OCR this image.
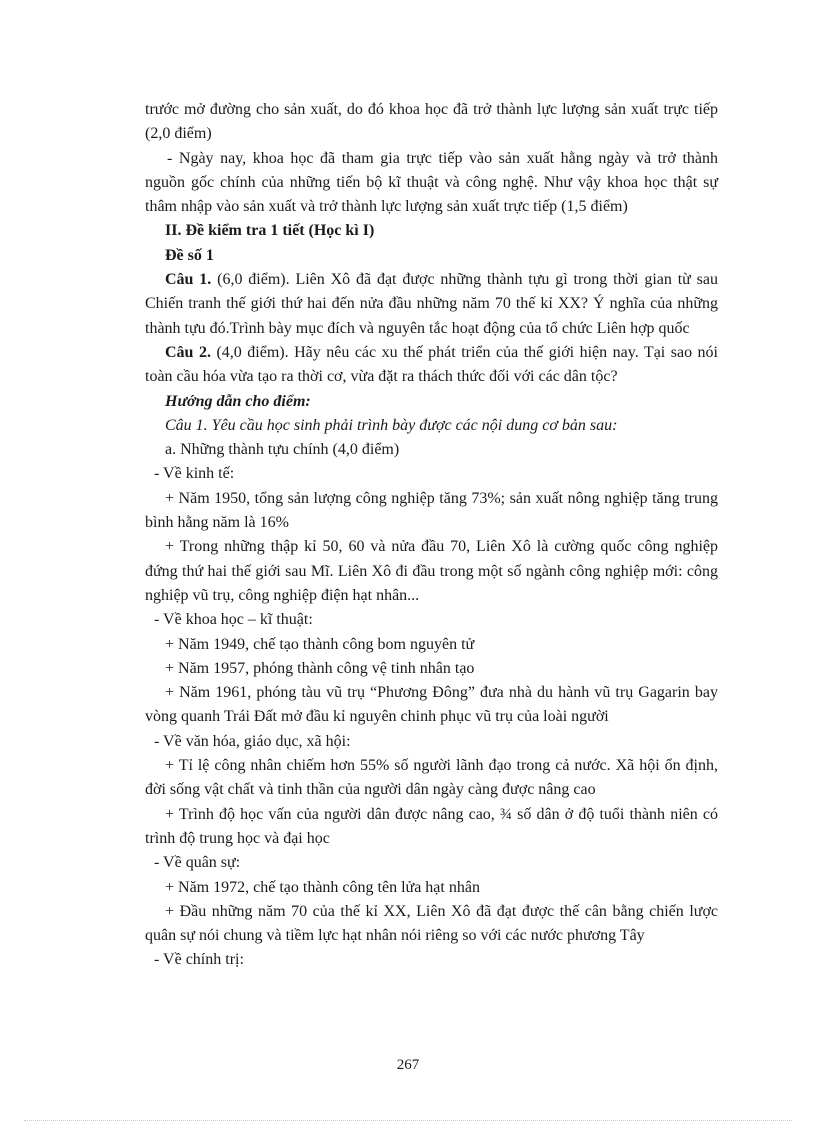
trước mở đường cho sản xuất, do đó khoa học đã trở thành lực lượng sản xuất trực tiếp (2,0 điểm)

- Ngày nay, khoa học đã tham gia trực tiếp vào sản xuất hằng ngày và trở thành nguồn gốc chính của những tiến bộ kĩ thuật và công nghệ. Như vậy khoa học thật sự thâm nhập vào sản xuất và trở thành lực lượng sản xuất trực tiếp (1,5 điểm)

II. Đề kiểm tra 1 tiết (Học kì I)

Đề số 1

Câu 1. (6,0 điểm). Liên Xô đã đạt được những thành tựu gì trong thời gian từ sau Chiến tranh thế giới thứ hai đến nửa đầu những năm 70 thế kỉ XX? Ý nghĩa của những thành tựu đó.Trình bày mục đích và nguyên tắc hoạt động của tổ chức Liên hợp quốc

Câu 2. (4,0 điểm). Hãy nêu các xu thế phát triển của thế giới hiện nay. Tại sao nói toàn cầu hóa vừa tạo ra thời cơ, vừa đặt ra thách thức đối với các dân tộc?

Hướng dẫn cho điểm:

Câu 1. Yêu cầu học sinh phải trình bày được các nội dung cơ bản sau:

a. Những thành tựu chính (4,0 điểm)

- Về kinh tế:

+ Năm 1950, tổng sản lượng công nghiệp tăng 73%; sản xuất nông nghiệp tăng trung bình hằng năm là 16%

+ Trong những thập kỉ 50, 60 và nửa đầu 70, Liên Xô là cường quốc công nghiệp đứng thứ hai thế giới sau Mĩ. Liên Xô đi đầu trong một số ngành công nghiệp mới: công nghiệp vũ trụ, công nghiệp điện hạt nhân...

- Về khoa học – kĩ thuật:

+ Năm 1949, chế tạo thành công bom nguyên tử

+ Năm 1957, phóng thành công vệ tinh nhân tạo

+ Năm 1961, phóng tàu vũ trụ “Phương Đông” đưa nhà du hành vũ trụ Gagarin bay vòng quanh Trái Đất mở đầu kỉ nguyên chinh phục vũ trụ của loài người

- Về văn hóa, giáo dục, xã hội:

+ Tỉ lệ công nhân chiếm hơn 55% số người lãnh đạo trong cả nước. Xã hội ổn định, đời sống vật chất và tinh thần của người dân ngày càng được nâng cao

+ Trình độ học vấn của người dân được nâng cao, ¾ số dân ở độ tuổi thành niên có trình độ trung học và đại học

- Về quân sự:

+ Năm 1972, chế tạo thành công tên lửa hạt nhân

+ Đầu những năm 70 của thế kỉ XX, Liên Xô đã đạt được thế cân bằng chiến lược quân sự nói chung và tiềm lực hạt nhân nói riêng so với các nước phương Tây

- Về chính trị:

267
